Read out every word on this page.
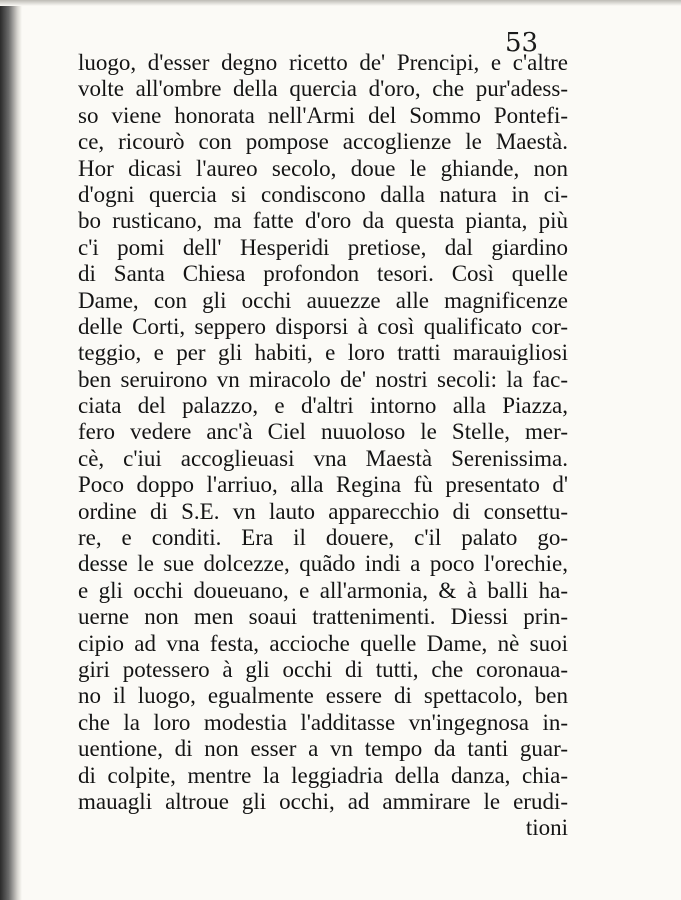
53
luogo, d'esser degno ricetto de' Prencipi, e c'altre
volte all'ombre della quercia d'oro, che pur'adess-
so viene honorata nell'Armi del Sommo Pontefi-
ce, ricourò con pompose accoglienze le Maestà.
Hor dicasi l'aureo secolo, doue le ghiande, non
d'ogni quercia si condiscono dalla natura in ci-
bo rusticano, ma fatte d'oro da questa pianta, più
c'i pomi dell' Hesperidi pretiose, dal giardino
di Santa Chiesa profondon tesori. Così quelle
Dame, con gli occhi auuezze alle magnificenze
delle Corti, seppero disporsi à così qualificato cor-
teggio, e per gli habiti, e loro tratti marauigliosi
ben seruirono vn miracolo de' nostri secoli: la fac-
ciata del palazzo, e d'altri intorno alla Piazza,
fero vedere anc'à Ciel nuuoloso le Stelle, mer-
cè, c'iui accoglieuasi vna Maestà Serenissima.
Poco doppo l'arriuo, alla Regina fù presentato d'
ordine di S.E. vn lauto apparecchio di consettu-
re, e conditi. Era il douere, c'il palato go-
desse le sue dolcezze, quãdo indi a poco l'orechie,
e gli occhi doueuano, e all'armonia, & à balli ha-
uerne non men soaui trattenimenti. Diessi prin-
cipio ad vna festa, accioche quelle Dame, nè suoi
giri potessero à gli occhi di tutti, che coronaua-
no il luogo, egualmente essere di spettacolo, ben
che la loro modestia l'additasse vn'ingegnosa in-
uentione, di non esser a vn tempo da tanti guar-
di colpite, mentre la leggiadria della danza, chia-
mauagli altroue gli occhi, ad ammirare le erudi-
tioni
